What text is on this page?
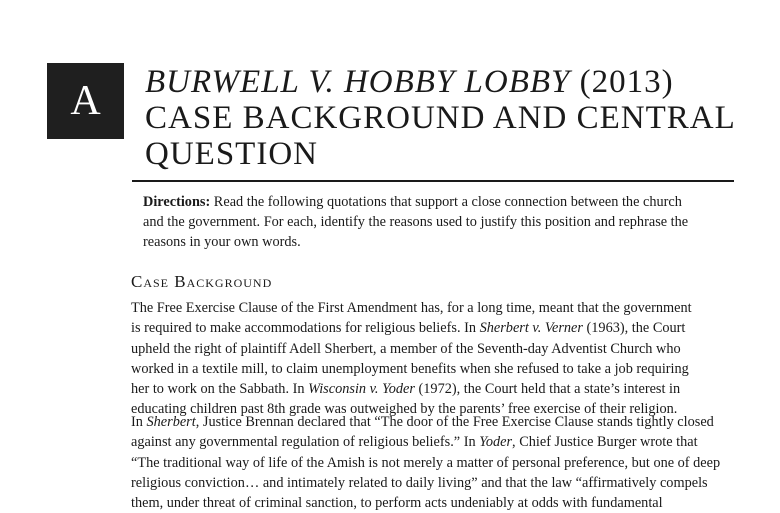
A	BURWELL V. HOBBY LOBBY (2013)
CASE BACKGROUND AND CENTRAL
QUESTION
Directions: Read the following quotations that support a close connection between the church
and the government. For each, identify the reasons used to justify this position and rephrase the
reasons in your own words.
Case Background
The Free Exercise Clause of the First Amendment has, for a long time, meant that the government
is required to make accommodations for religious beliefs. In Sherbert v. Verner (1963), the Court
upheld the right of plaintiff Adell Sherbert, a member of the Seventh-day Adventist Church who
worked in a textile mill, to claim unemployment benefits when she refused to take a job requiring
her to work on the Sabbath. In Wisconsin v. Yoder (1972), the Court held that a state’s interest in
educating children past 8th grade was outweighed by the parents’ free exercise of their religion.
In Sherbert, Justice Brennan declared that “The door of the Free Exercise Clause stands tightly closed
against any governmental regulation of religious beliefs.” In Yoder, Chief Justice Burger wrote that
“The traditional way of life of the Amish is not merely a matter of personal preference, but one of deep
religious conviction… and intimately related to daily living” and that the law “affirmatively compels
them, under threat of criminal sanction, to perform acts undeniably at odds with fundamental
